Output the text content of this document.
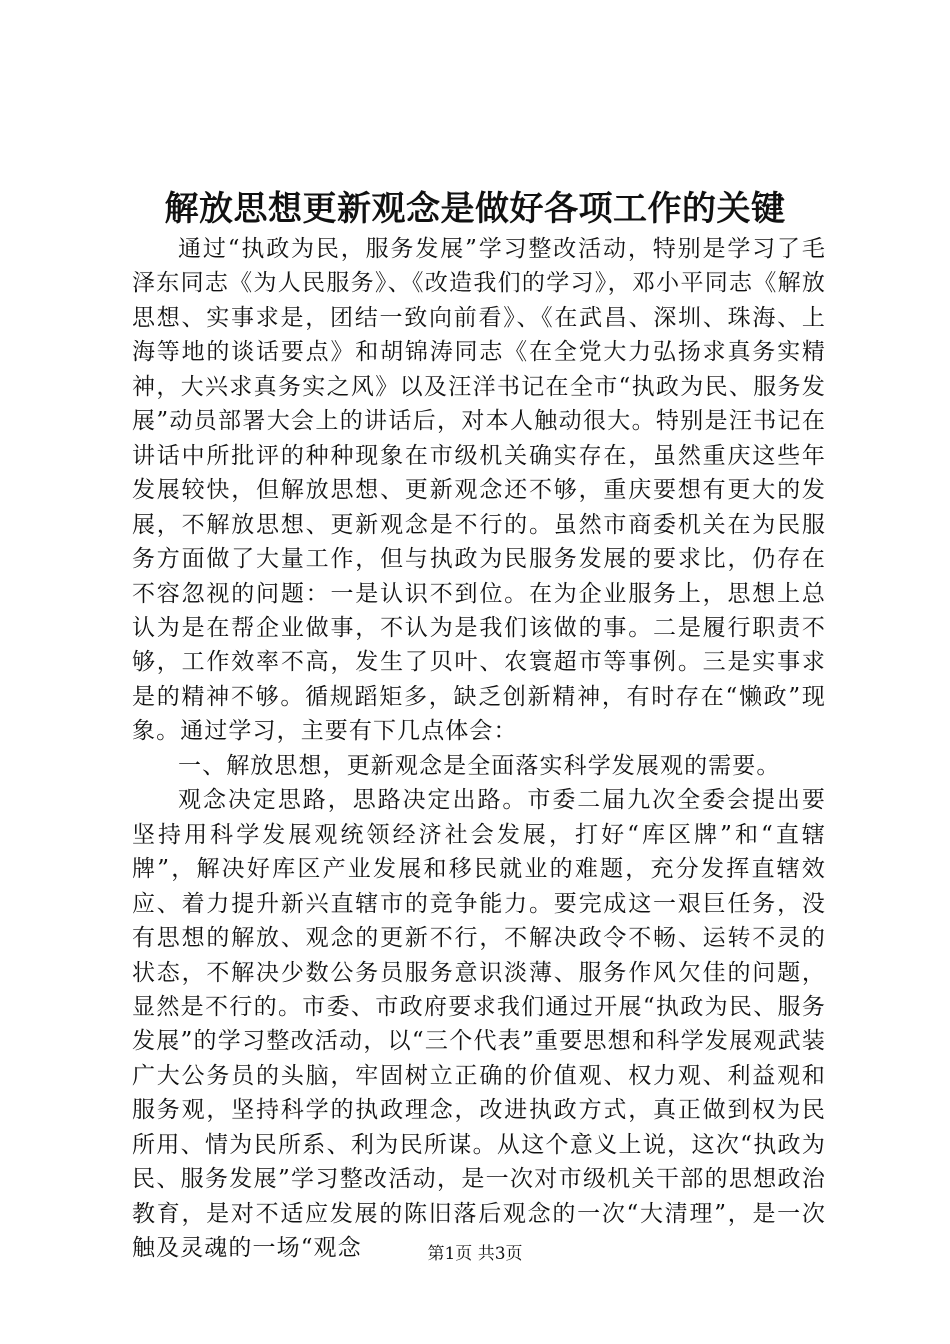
解放思想更新观念是做好各项工作的关键

通过“执政为民，服务发展”学习整改活动，特别是学习了毛泽东同志《为人民服务》、《改造我们的学习》，邓小平同志《解放思想、实事求是，团结一致向前看》、《在武昌、深圳、珠海、上海等地的谈话要点》和胡锦涛同志《在全党大力弘扬求真务实精神，大兴求真务实之风》以及汪洋书记在全市“执政为民、服务发展”动员部署大会上的讲话后，对本人触动很大。特别是汪书记在讲话中所批评的种种现象在市级机关确实存在，虽然重庆这些年发展较快，但解放思想、更新观念还不够，重庆要想有更大的发展，不解放思想、更新观念是不行的。虽然市商委机关在为民服务方面做了大量工作，但与执政为民服务发展的要求比，仍存在不容忽视的问题：一是认识不到位。在为企业服务上，思想上总认为是在帮企业做事，不认为是我们该做的事。二是履行职责不够，工作效率不高，发生了贝叶、农寰超市等事例。三是实事求是的精神不够。循规蹈矩多，缺乏创新精神，有时存在“懒政”现象。通过学习，主要有下几点体会：

一、解放思想，更新观念是全面落实科学发展观的需要。

观念决定思路，思路决定出路。市委二届九次全委会提出要坚持用科学发展观统领经济社会发展，打好“库区牌”和“直辖牌”，解决好库区产业发展和移民就业的难题，充分发挥直辖效应、着力提升新兴直辖市的竞争能力。要完成这一艰巨任务，没有思想的解放、观念的更新不行，不解决政令不畅、运转不灵的状态，不解决少数公务员服务意识淡薄、服务作风欠佳的问题，显然是不行的。市委、市政府要求我们通过开展“执政为民、服务发展”的学习整改活动，以“三个代表”重要思想和科学发展观武装广大公务员的头脑，牢固树立正确的价值观、权力观、利益观和服务观，坚持科学的执政理念，改进执政方式，真正做到权为民所用、情为民所系、利为民所谋。从这个意义上说，这次“执政为民、服务发展”学习整改活动，是一次对市级机关干部的思想政治教育，是对不适应发展的陈旧落后观念的一次“大清理”，是一次触及灵魂的一场“观念	第1页 共3页
